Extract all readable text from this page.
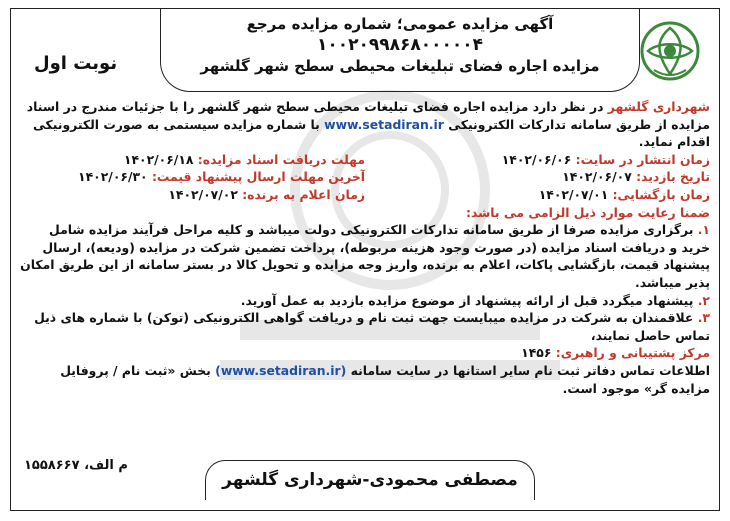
آگهی مزایده عمومی؛ شماره مزایده مرجع
۱۰۰۲۰۹۹۸۶۸۰۰۰۰۰۴
مزایده اجاره فضای تبلیغات محیطی سطح شهر گلشهر
نوبت اول

شهرداری گلشهر در نظر دارد مزایده اجاره فضای تبلیغات محیطی سطح شهر گلشهر را با جزئیات مندرج در اسناد مزایده از طریق سامانه تدارکات الکترونیکی www.setadiran.ir با شماره مزایده سیستمی به صورت الکترونیکی اقدام نماید.

زمان انتشار در سایت: ۱۴۰۲/۰۶/۰۶
مهلت دریافت اسناد مزایده: ۱۴۰۲/۰۶/۱۸
تاریخ بازدید: ۱۴۰۲/۰۶/۰۷
آخرین مهلت ارسال پیشنهاد قیمت: ۱۴۰۲/۰۶/۳۰
زمان بازگشایی: ۱۴۰۲/۰۷/۰۱
زمان اعلام به برنده: ۱۴۰۲/۰۷/۰۲

ضمنا رعایت موارد ذیل الزامی می باشد:

۱. برگزاری مزایده صرفا از طریق سامانه تدارکات الکترونیکی دولت میباشد و کلیه مراحل فرآیند مزایده شامل خرید و دریافت اسناد مزایده (در صورت وجود هزینه مربوطه)، پرداخت تضمین شرکت در مزایده (ودیعه)، ارسال پیشنهاد قیمت، بازگشایی پاکات، اعلام به برنده، واریز وجه مزایده و تحویل کالا در بستر سامانه از این طریق امکان پذیر میباشد.

۲. پیشنهاد میگردد قبل از ارائه پیشنهاد از موضوع مزایده بازدید به عمل آورید.

۳. علاقمندان به شرکت در مزایده میبایست جهت ثبت نام و دریافت گواهی الکترونیکی (توکن) با شماره های ذیل تماس حاصل نمایند،

مرکز پشتیبانی و راهبری: ۱۴۵۶

اطلاعات تماس دفاتر ثبت نام سایر استانها در سایت سامانه (www.setadiran.ir) بخش «ثبت نام / پروفایل مزایده گر» موجود است.

م الف، ۱۵۵۸۶۶۷
مصطفی محمودی-شهرداری گلشهر
